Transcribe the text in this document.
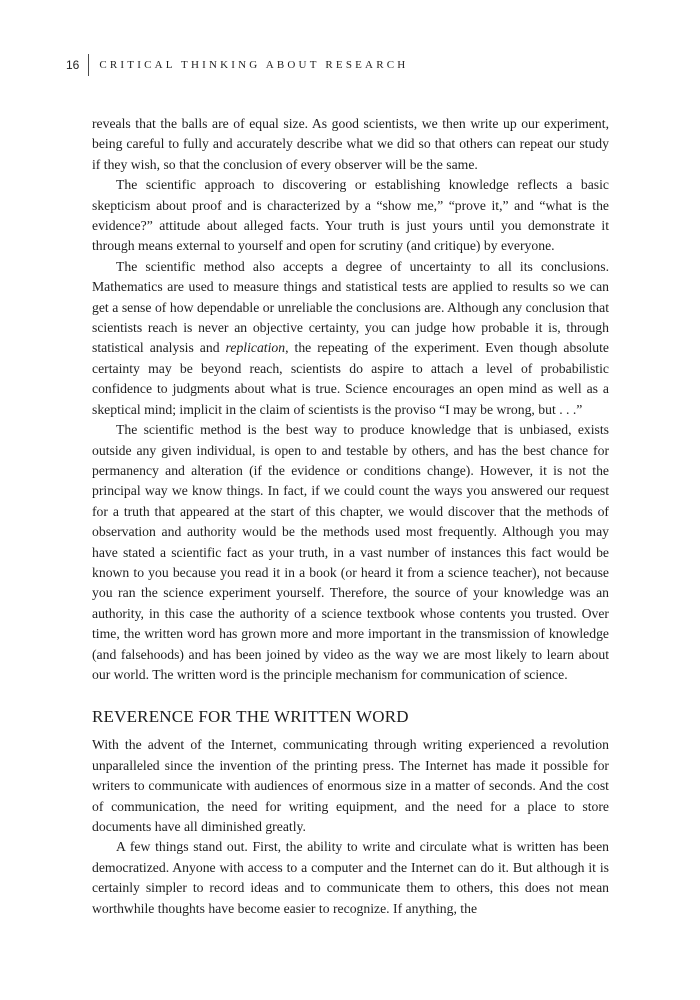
16	CRITICAL THINKING ABOUT RESEARCH

reveals that the balls are of equal size. As good scientists, we then write up our experiment, being careful to fully and accurately describe what we did so that others can repeat our study if they wish, so that the conclusion of every observer will be the same.

The scientific approach to discovering or establishing knowledge reflects a basic skepticism about proof and is characterized by a “show me,” “prove it,” and “what is the evidence?” attitude about alleged facts. Your truth is just yours until you demonstrate it through means external to yourself and open for scrutiny (and critique) by everyone.

The scientific method also accepts a degree of uncertainty to all its conclusions. Mathematics are used to measure things and statistical tests are applied to results so we can get a sense of how dependable or unreliable the conclusions are. Although any conclusion that scientists reach is never an objective certainty, you can judge how probable it is, through statistical analysis and replication, the repeating of the experiment. Even though absolute certainty may be beyond reach, scientists do aspire to attach a level of probabilistic confidence to judgments about what is true. Science encourages an open mind as well as a skeptical mind; implicit in the claim of scientists is the proviso “I may be wrong, but . . .”

The scientific method is the best way to produce knowledge that is unbiased, exists outside any given individual, is open to and testable by others, and has the best chance for permanency and alteration (if the evidence or conditions change). However, it is not the principal way we know things. In fact, if we could count the ways you answered our request for a truth that appeared at the start of this chapter, we would discover that the methods of observation and authority would be the methods used most frequently. Although you may have stated a scientific fact as your truth, in a vast number of instances this fact would be known to you because you read it in a book (or heard it from a science teacher), not because you ran the science experiment yourself. Therefore, the source of your knowledge was an authority, in this case the authority of a science textbook whose contents you trusted. Over time, the written word has grown more and more important in the transmission of knowledge (and falsehoods) and has been joined by video as the way we are most likely to learn about our world. The written word is the principle mechanism for communication of science.

REVERENCE FOR THE WRITTEN WORD

With the advent of the Internet, communicating through writing experienced a revolution unparalleled since the invention of the printing press. The Internet has made it possible for writers to communicate with audiences of enormous size in a matter of seconds. And the cost of communication, the need for writing equipment, and the need for a place to store documents have all diminished greatly.

A few things stand out. First, the ability to write and circulate what is written has been democratized. Anyone with access to a computer and the Internet can do it. But although it is certainly simpler to record ideas and to communicate them to others, this does not mean worthwhile thoughts have become easier to recognize. If anything, the
